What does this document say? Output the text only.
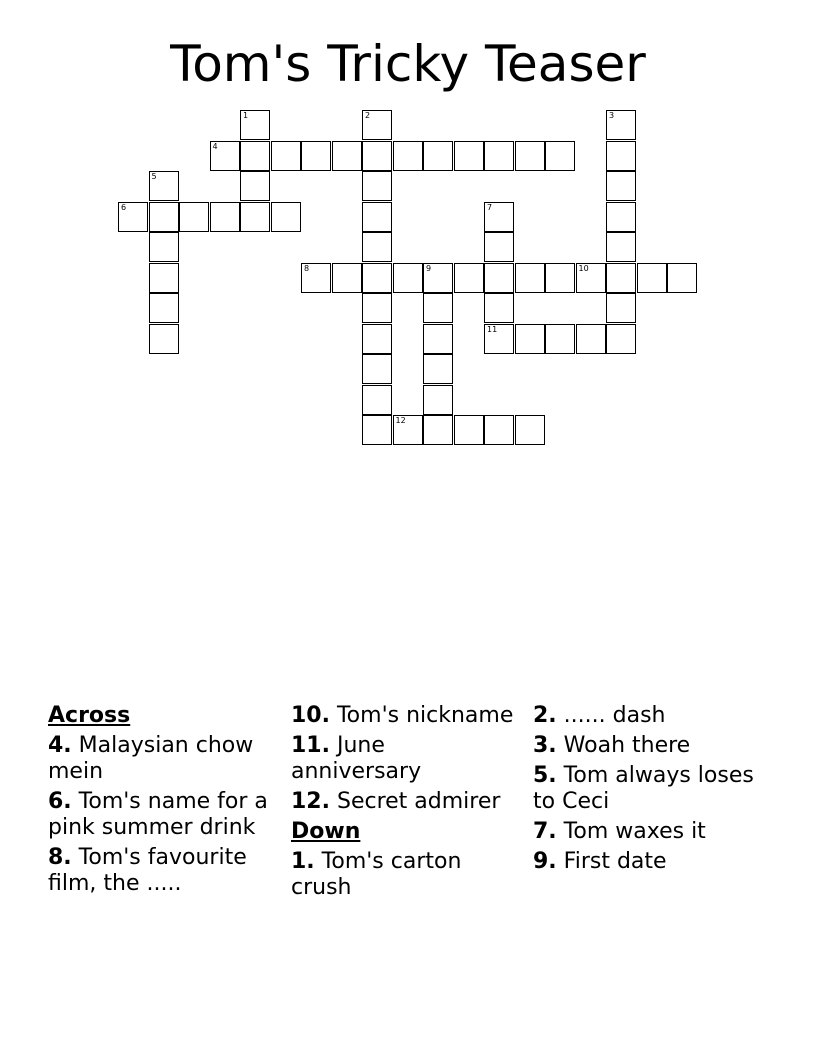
Tom's Tricky Teaser
1	2	3
4
5
6	7
11
8	9	10
12
Across
4. Malaysian chow mein
6. Tom's name for a pink summer drink
8. Tom's favourite film, the .....
10. Tom's nickname
11. June anniversary
12. Secret admirer
Down
1. Tom's carton crush
2. ...... dash
3. Woah there
5. Tom always loses to Ceci
7. Tom waxes it
9. First date
